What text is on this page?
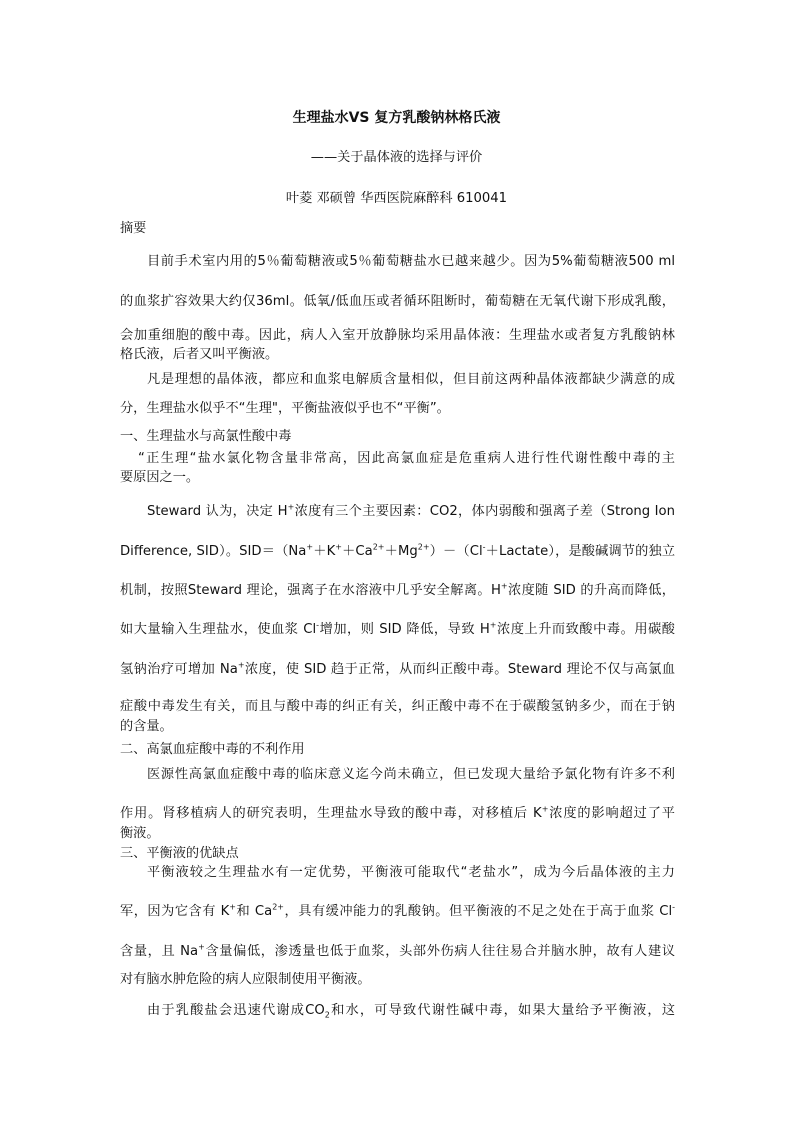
生理盐水VS 复方乳酸钠林格氏液
——关于晶体液的选择与评价
叶菱 邓硕曾 华西医院麻醉科 610041
摘要
目前手术室内用的5％葡萄糖液或5％葡萄糖盐水已越来越少。因为5%葡萄糖液500 ml
的血浆扩容效果大约仅36ml。低氧/低血压或者循环阻断时，葡萄糖在无氧代谢下形成乳酸，
会加重细胞的酸中毒。因此，病人入室开放静脉均采用晶体液：生理盐水或者复方乳酸钠林
格氏液，后者又叫平衡液。
凡是理想的晶体液，都应和血浆电解质含量相似，但目前这两种晶体液都缺少满意的成
分，生理盐水似乎不“生理"，平衡盐液似乎也不“平衡”。
一、生理盐水与高氯性酸中毒
“正生理“盐水氯化物含量非常高，因此高氯血症是危重病人进行性代谢性酸中毒的主
要原因之一。
Steward 认为，决定 H+浓度有三个主要因素：CO2，体内弱酸和强离子差（Strong Ion
Difference, SID）。$SID=(Na^++K^++Ca^{2+}+Mg^{2+})-(Cl^-+Lactate)$，是酸碱调节的独立
机制，按照Steward 理论，强离子在水溶液中几乎安全解离。H+浓度随 SID 的升高而降低，
如大量输入生理盐水，使血浆 Cl-增加，则 SID 降低，导致 H+浓度上升而致酸中毒。用碳酸
氢钠治疗可增加 Na+浓度，使 SID 趋于正常，从而纠正酸中毒。Steward 理论不仅与高氯血
症酸中毒发生有关，而且与酸中毒的纠正有关，纠正酸中毒不在于碳酸氢钠多少，而在于钠
的含量。
二、高氯血症酸中毒的不利作用
医源性高氯血症酸中毒的临床意义迄今尚未确立，但已发现大量给予氯化物有许多不利
作用。肾移植病人的研究表明，生理盐水导致的酸中毒，对移植后 K+浓度的影响超过了平
衡液。
三、平衡液的优缺点
平衡液较之生理盐水有一定优势，平衡液可能取代“老盐水”，成为今后晶体液的主力
军，因为它含有 K+和 $Ca^{2+}$，具有缓冲能力的乳酸钠。但平衡液的不足之处在于高于血浆 Cl-
含量，且 Na+含量偏低，渗透量也低于血浆，头部外伤病人往往易合并脑水肿，故有人建议
对有脑水肿危险的病人应限制使用平衡液。
由于乳酸盐会迅速代谢成$CO_2$和水，可导致代谢性碱中毒，如果大量给予平衡液，这
